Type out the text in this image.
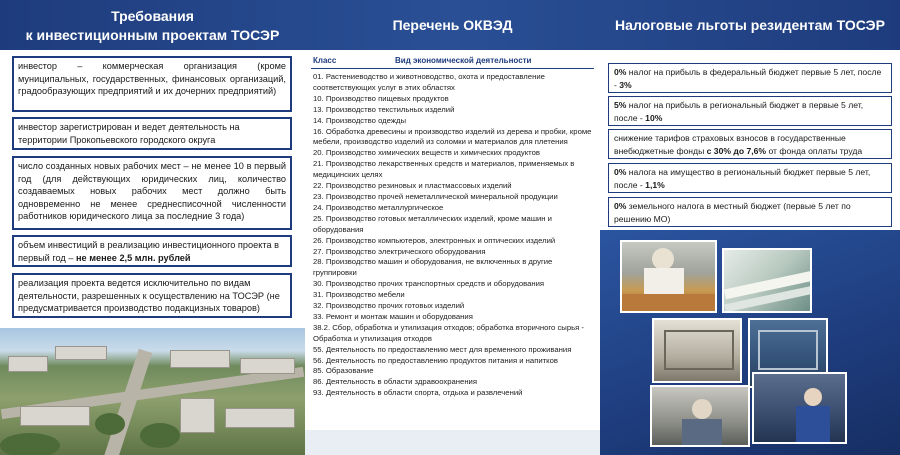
Требования
к инвестиционным проектам ТОСЭР
Перечень ОКВЭД	Налоговые льготы резидентам ТОСЭР
инвестор – коммерческая организация (кроме муниципальных, государственных, финансовых организаций, градообразующих предприятий и их дочерних предприятий)
инвестор зарегистрирован и ведет деятельность на территории Прокопьевского городского округа
число созданных новых рабочих мест – не менее 10 в первый год (для действующих юридических лиц, количество создаваемых новых рабочих мест должно быть одновременно не менее среднесписочной численности работников юридического лица за последние 3 года)
объем инвестиций в реализацию инвестиционного проекта в первый год – не менее 2,5 млн. рублей
реализация проекта ведется исключительно по видам деятельности, разрешенных к осуществлению на ТОСЭР (не предусматривается производство подакцизных товаров)
Класс	Вид экономической деятельности
01. Растениеводство и животноводство, охота и предоставление соответствующих услуг в этих областях
10. Производство пищевых продуктов
13. Производство текстильных изделий
14. Производство одежды
16. Обработка древесины и производство изделий из дерева и пробки, кроме мебели, производство изделий из соломки и материалов для плетения
20. Производство химических веществ и химических продуктов
21. Производство лекарственных средств и материалов, применяемых в медицинских целях
22. Производство резиновых и пластмассовых изделий
23. Производство прочей неметаллической минеральной продукции
24. Производство металлургическое
25. Производство готовых металлических изделий, кроме машин и оборудования
26. Производство компьютеров, электронных и оптических изделий
27. Производство электрического оборудования
28. Производство машин и оборудования, не включенных в другие группировки
30. Производство прочих транспортных средств и оборудования
31. Производство мебели
32. Производство прочих готовых изделий
33. Ремонт и монтаж машин и оборудования
38.2. Сбор, обработка и утилизация отходов; обработка вторичного сырья - Обработка и утилизация отходов
55. Деятельность по предоставлению мест для временного проживания
56. Деятельность по предоставлению продуктов питания и напитков
85. Образование
86. Деятельность в области здравоохранения
93. Деятельность в области спорта, отдыха и развлечений
0% налог на прибыль в федеральный бюджет первые 5 лет, после - 3%
5% налог на прибыль в региональный бюджет в первые 5 лет, после - 10%
снижение тарифов страховых взносов в государственные внебюджетные фонды с 30% до 7,6% от фонда оплаты труда
0% налога на имущество в региональный бюджет первые 5 лет, после - 1,1%
0% земельного налога в местный бюджет (первые 5 лет по решению МО)
